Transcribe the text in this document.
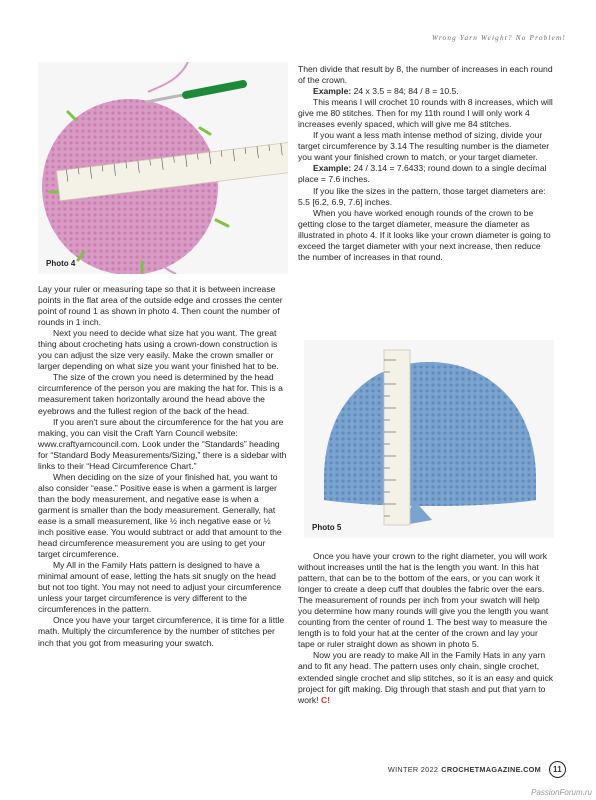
Wrong Yarn Weight? No Problem!
Photo 4

Lay your ruler or measuring tape so that it is between increase points in the flat area of the outside edge and crosses the center point of round 1 as shown in photo 4. Then count the number of rounds in 1 inch.

Next you need to decide what size hat you want. The great thing about crocheting hats using a crown-down construction is you can adjust the size very easily. Make the crown smaller or larger depending on what size you want your finished hat to be.

The size of the crown you need is determined by the head circumference of the person you are making the hat for. This is a measurement taken horizontally around the head above the eyebrows and the fullest region of the back of the head.

If you aren't sure about the circumference for the hat you are making, you can visit the Craft Yarn Council website: www.craftyarncouncil.com. Look under the “Standards” heading for “Standard Body Measurements/Sizing,” there is a sidebar with links to their “Head Circumference Chart.”

When deciding on the size of your finished hat, you want to also consider “ease.” Positive ease is when a garment is larger than the body measurement, and negative ease is when a garment is smaller than the body measurement. Generally, hat ease is a small measurement, like ½ inch negative ease or ½ inch positive ease. You would subtract or add that amount to the head circumference measurement you are using to get your target circumference.

My All in the Family Hats pattern is designed to have a minimal amount of ease, letting the hats sit snugly on the head but not too tight. You may not need to adjust your circumference unless your target circumference is very different to the circumferences in the pattern.

Once you have your target circumference, it is time for a little math. Multiply the circumference by the number of stitches per inch that you got from measuring your swatch.

Then divide that result by 8, the number of increases in each round of the crown.

Example: 24 x 3.5 = 84; 84 / 8 = 10.5.

This means I will crochet 10 rounds with 8 increases, which will give me 80 stitches. Then for my 11th round I will only work 4 increases evenly spaced, which will give me 84 stitches.

If you want a less math intense method of sizing, divide your target circumference by 3.14 The resulting number is the diameter you want your finished crown to match, or your target diameter.

Example: 24 / 3.14 = 7.6433; round down to a single decimal place = 7.6 inches.

If you like the sizes in the pattern, those target diameters are: 5.5 [6.2, 6.9, 7.6] inches.

When you have worked enough rounds of the crown to be getting close to the target diameter, measure the diameter as illustrated in photo 4. If it looks like your crown diameter is going to exceed the target diameter with your next increase, then reduce the number of increases in that round.

Photo 5

Once you have your crown to the right diameter, you will work without increases until the hat is the length you want. In this hat pattern, that can be to the bottom of the ears, or you can work it longer to create a deep cuff that doubles the fabric over the ears. The measurement of rounds per inch from your swatch will help you determine how many rounds will give you the length you want counting from the center of round 1. The best way to measure the length is to fold your hat at the center of the crown and lay your tape or ruler straight down as shown in photo 5.

Now you are ready to make All in the Family Hats in any yarn and to fit any head. The pattern uses only chain, single crochet, extended single crochet and slip stitches, so it is an easy and quick project for gift making. Dig through that stash and put that yarn to work! C!

WINTER 2022 CROCHETMAGAZINE.COM	11
PassionForum.ru
